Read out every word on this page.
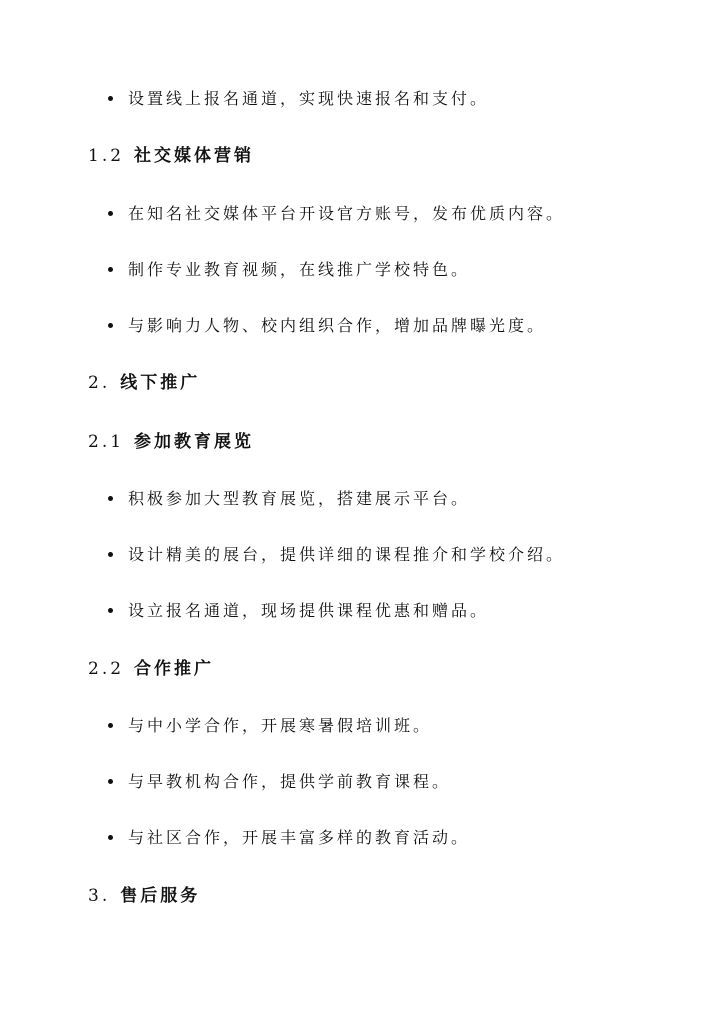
设置线上报名通道，实现快速报名和支付。
1.2 社交媒体营销
在知名社交媒体平台开设官方账号，发布优质内容。
制作专业教育视频，在线推广学校特色。
与影响力人物、校内组织合作，增加品牌曝光度。
2. 线下推广
2.1 参加教育展览
积极参加大型教育展览，搭建展示平台。
设计精美的展台，提供详细的课程推介和学校介绍。
设立报名通道，现场提供课程优惠和赠品。
2.2 合作推广
与中小学合作，开展寒暑假培训班。
与早教机构合作，提供学前教育课程。
与社区合作，开展丰富多样的教育活动。
3. 售后服务
